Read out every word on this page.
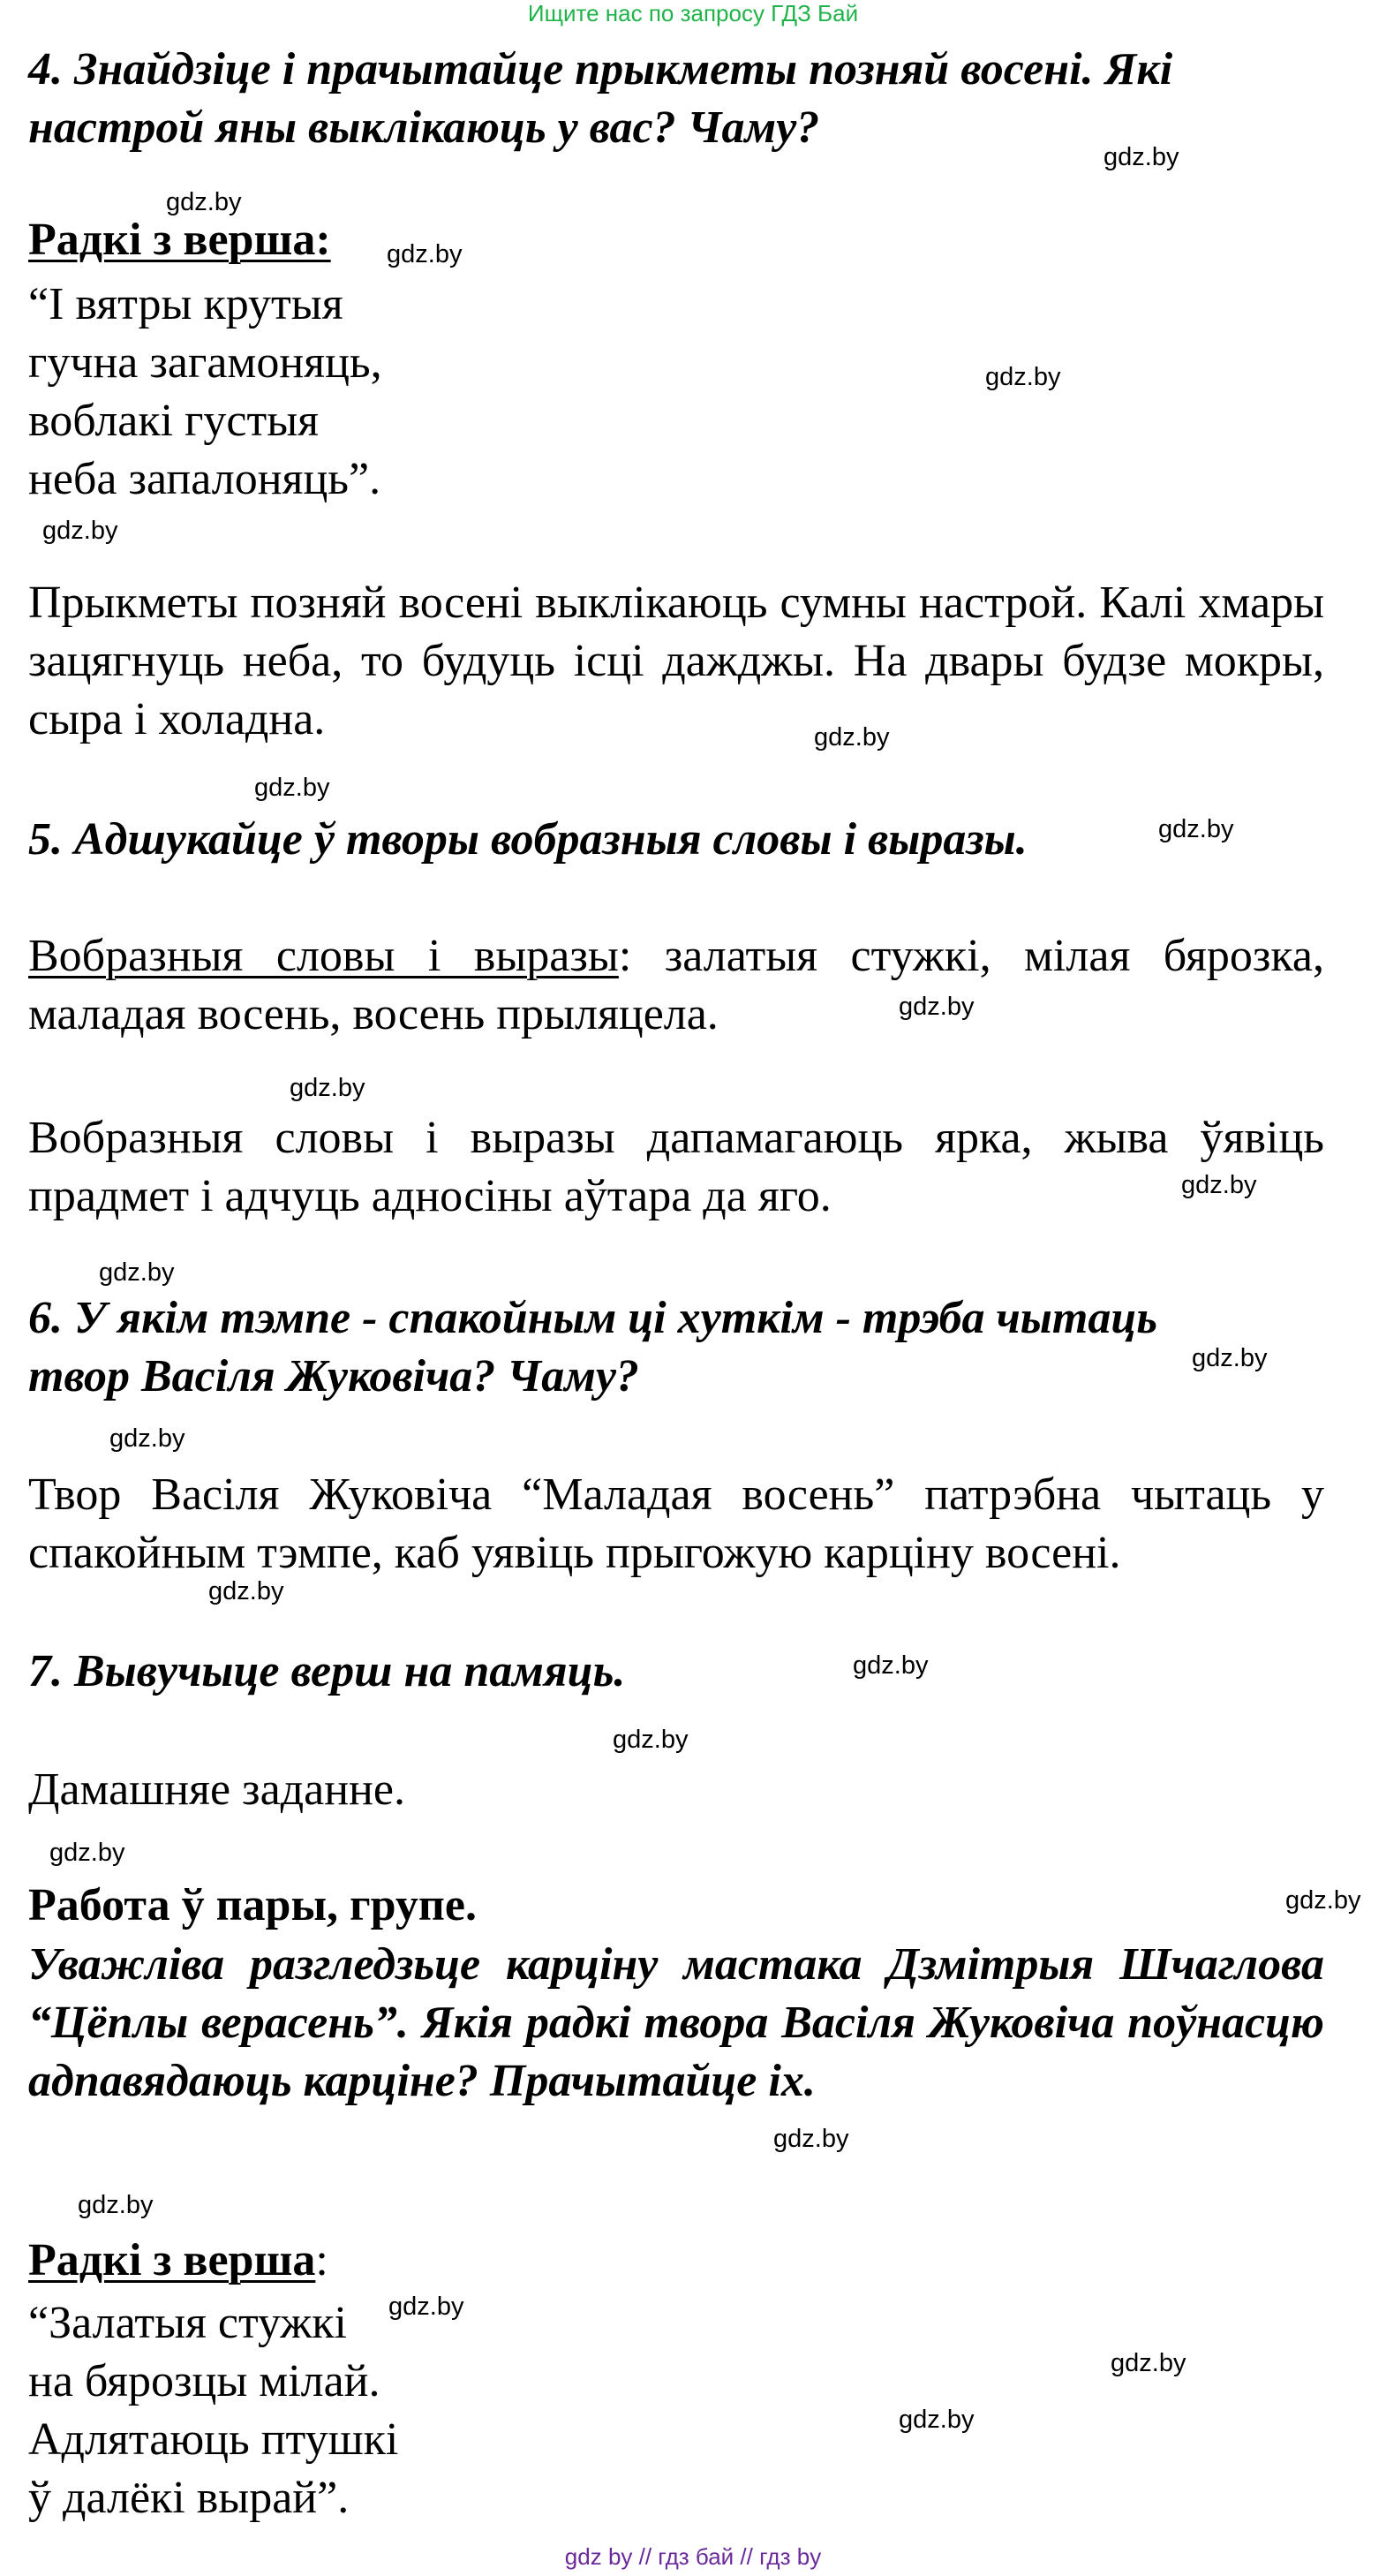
Ищите нас по запросу ГДЗ Бай
4. Знайдзіце і прачытайце прыкметы позняй восені. Які
настрой яны выклікаюць у вас? Чаму?
Радкі з верша:
“І вятры крутыя
гучна загамоняць,
воблакі густыя
неба запалоняць”.
Прыкметы позняй восені выклікаюць сумны настрой. Калі хмары зацягнуць неба, то будуць ісці дажджы. На двары будзе мокры, сыра і холадна.
5. Адшукайце ў творы вобразныя словы і выразы.
Вобразныя словы і выразы: залатыя стужкі, мілая бярозка, маладая восень, восень прыляцела.
Вобразныя словы і выразы дапамагаюць ярка, жыва ўявіць прадмет і адчуць адносіны аўтара да яго.
6. У якім тэмпе - спакойным ці хуткім - трэба чытаць
твор Васіля Жуковіча? Чаму?
Твор Васіля Жуковіча “Маладая восень” патрэбна чытаць у спакойным тэмпе, каб уявіць прыгожую карціну восені.
7. Вывучыце верш на памяць.
Дамашняе заданне.
Работа ў пары, групе.
Уважліва разгледзьце карціну мастака Дзмітрыя Шчаглова “Цёплы верасень”. Якія радкі твора Васіля Жуковіча поўнасцю адпавядаюць карціне? Прачытайце іх.
Радкі з верша:
“Залатыя стужкі
на бярозцы мілай.
Адлятаюць птушкі
ў далёкі вырай”.
gdz.by
gdz.by
gdz.by
gdz.by
gdz.by
gdz.by
gdz.by
gdz.by
gdz.by
gdz.by
gdz.by
gdz.by
gdz.by
gdz.by
gdz.by
gdz.by
gdz.by
gdz.by
gdz.by
gdz.by
gdz.by
gdz.by
gdz.by
gdz.by
gdz by // гдз бай // гдз by
